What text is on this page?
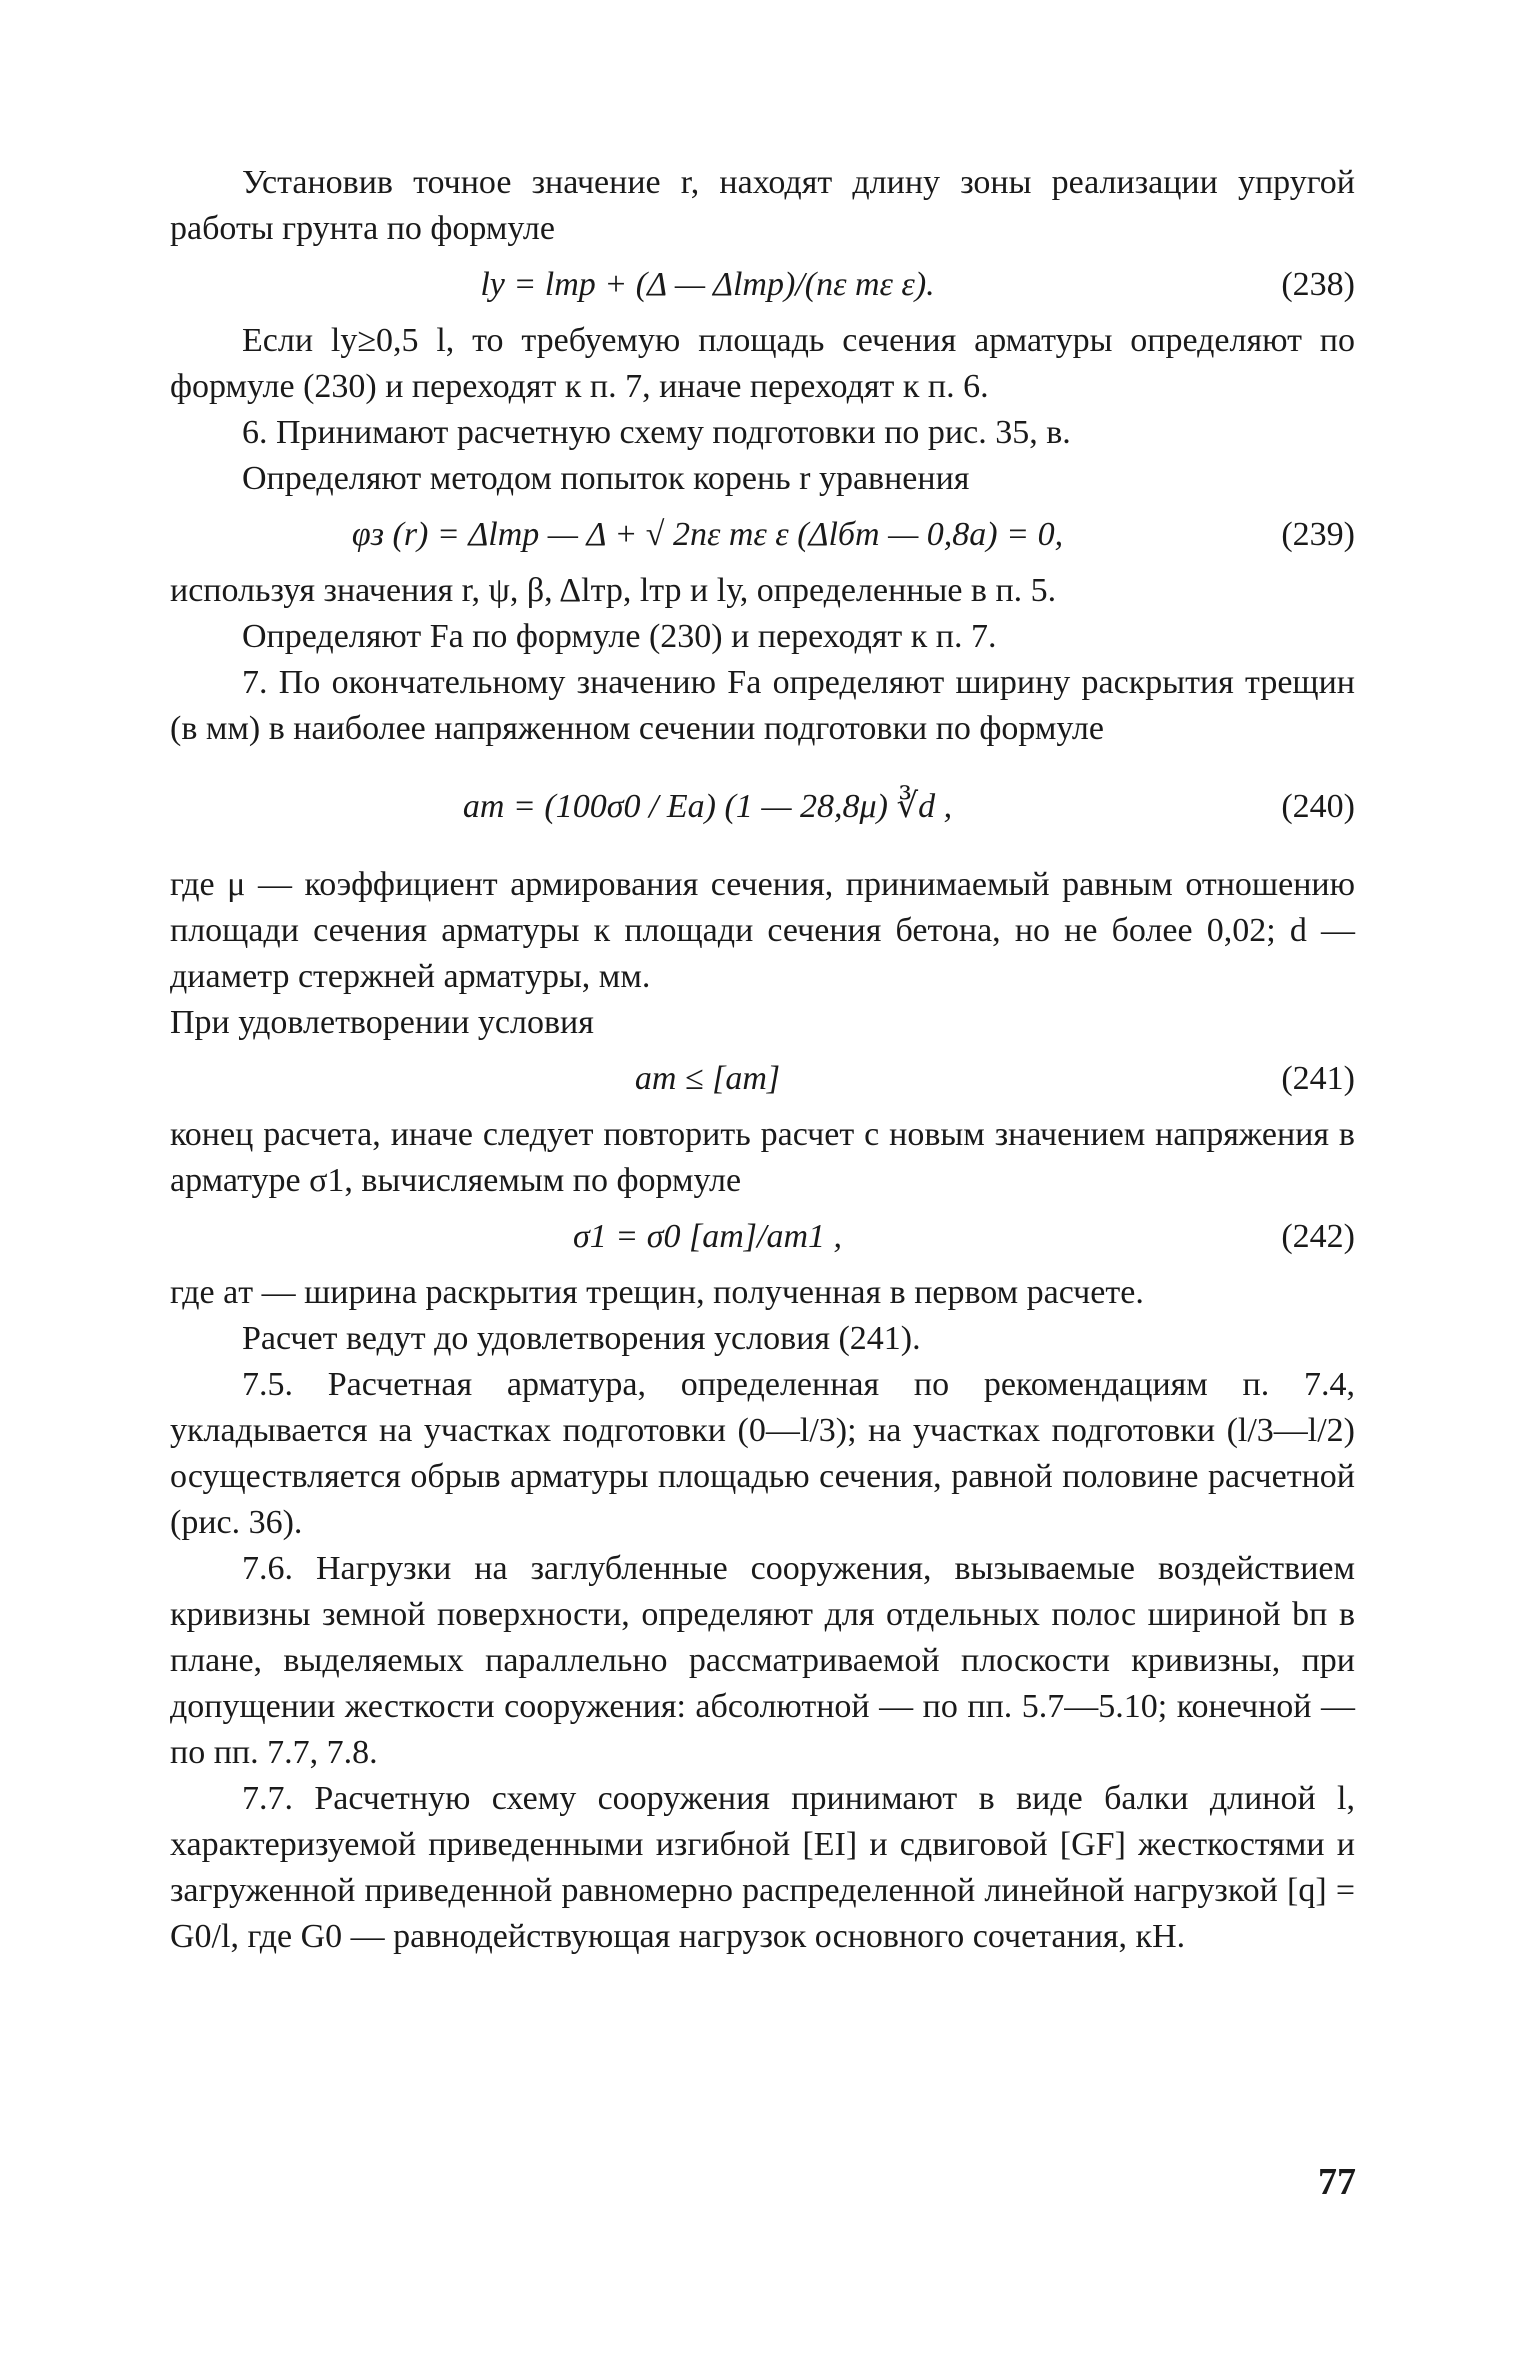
Установив точное значение r, находят длину зоны реализации упругой работы грунта по формуле

lу = lтр + (Δ — Δlтр)/(nε mε ε).	(238)

Если lу≥0,5 l, то требуемую площадь сечения арматуры определяют по формуле (230) и переходят к п. 7, иначе переходят к п. 6.

6. Принимают расчетную схему подготовки по рис. 35, в.

Определяют методом попыток корень r уравнения

φз (r) = Δlтр — Δ + √ 2nε mε ε (Δlбт — 0,8a) = 0,	(239)

используя значения r, ψ, β, Δlтр, lтр и lу, определенные в п. 5.

Определяют Fа по формуле (230) и переходят к п. 7.

7. По окончательному значению Fа определяют ширину раскрытия трещин (в мм) в наиболее напряженном сечении подготовки по формуле

aт = (100σ0 / Eа) (1 — 28,8μ) ∛d ,	(240)

где μ — коэффициент армирования сечения, принимаемый равным отношению площади сечения арматуры к площади сечения бетона, но не более 0,02; d — диаметр стержней арматуры, мм.

При удовлетворении условия

aт ≤ [aт]	(241)

конец расчета, иначе следует повторить расчет с новым значением напряжения в арматуре σ1, вычисляемым по формуле

σ1 = σ0 [aт]/aт1 ,	(242)

где aт — ширина раскрытия трещин, полученная в первом расчете.

Расчет ведут до удовлетворения условия (241).

7.5. Расчетная арматура, определенная по рекомендациям п. 7.4, укладывается на участках подготовки (0—l/3); на участках подготовки (l/3—l/2) осуществляется обрыв арматуры площадью сечения, равной половине расчетной (рис. 36).

7.6. Нагрузки на заглубленные сооружения, вызываемые воздействием кривизны земной поверхности, определяют для отдельных полос шириной bп в плане, выделяемых параллельно рассматриваемой плоскости кривизны, при допущении жесткости сооружения: абсолютной — по пп. 5.7—5.10; конечной — по пп. 7.7, 7.8.

7.7. Расчетную схему сооружения принимают в виде балки длиной l, характеризуемой приведенными изгибной [EI] и сдвиговой [GF] жесткостями и загруженной приведенной равномерно распределенной линейной нагрузкой [q] = G0/l, где G0 — равнодействующая нагрузок основного сочетания, кН.

77
